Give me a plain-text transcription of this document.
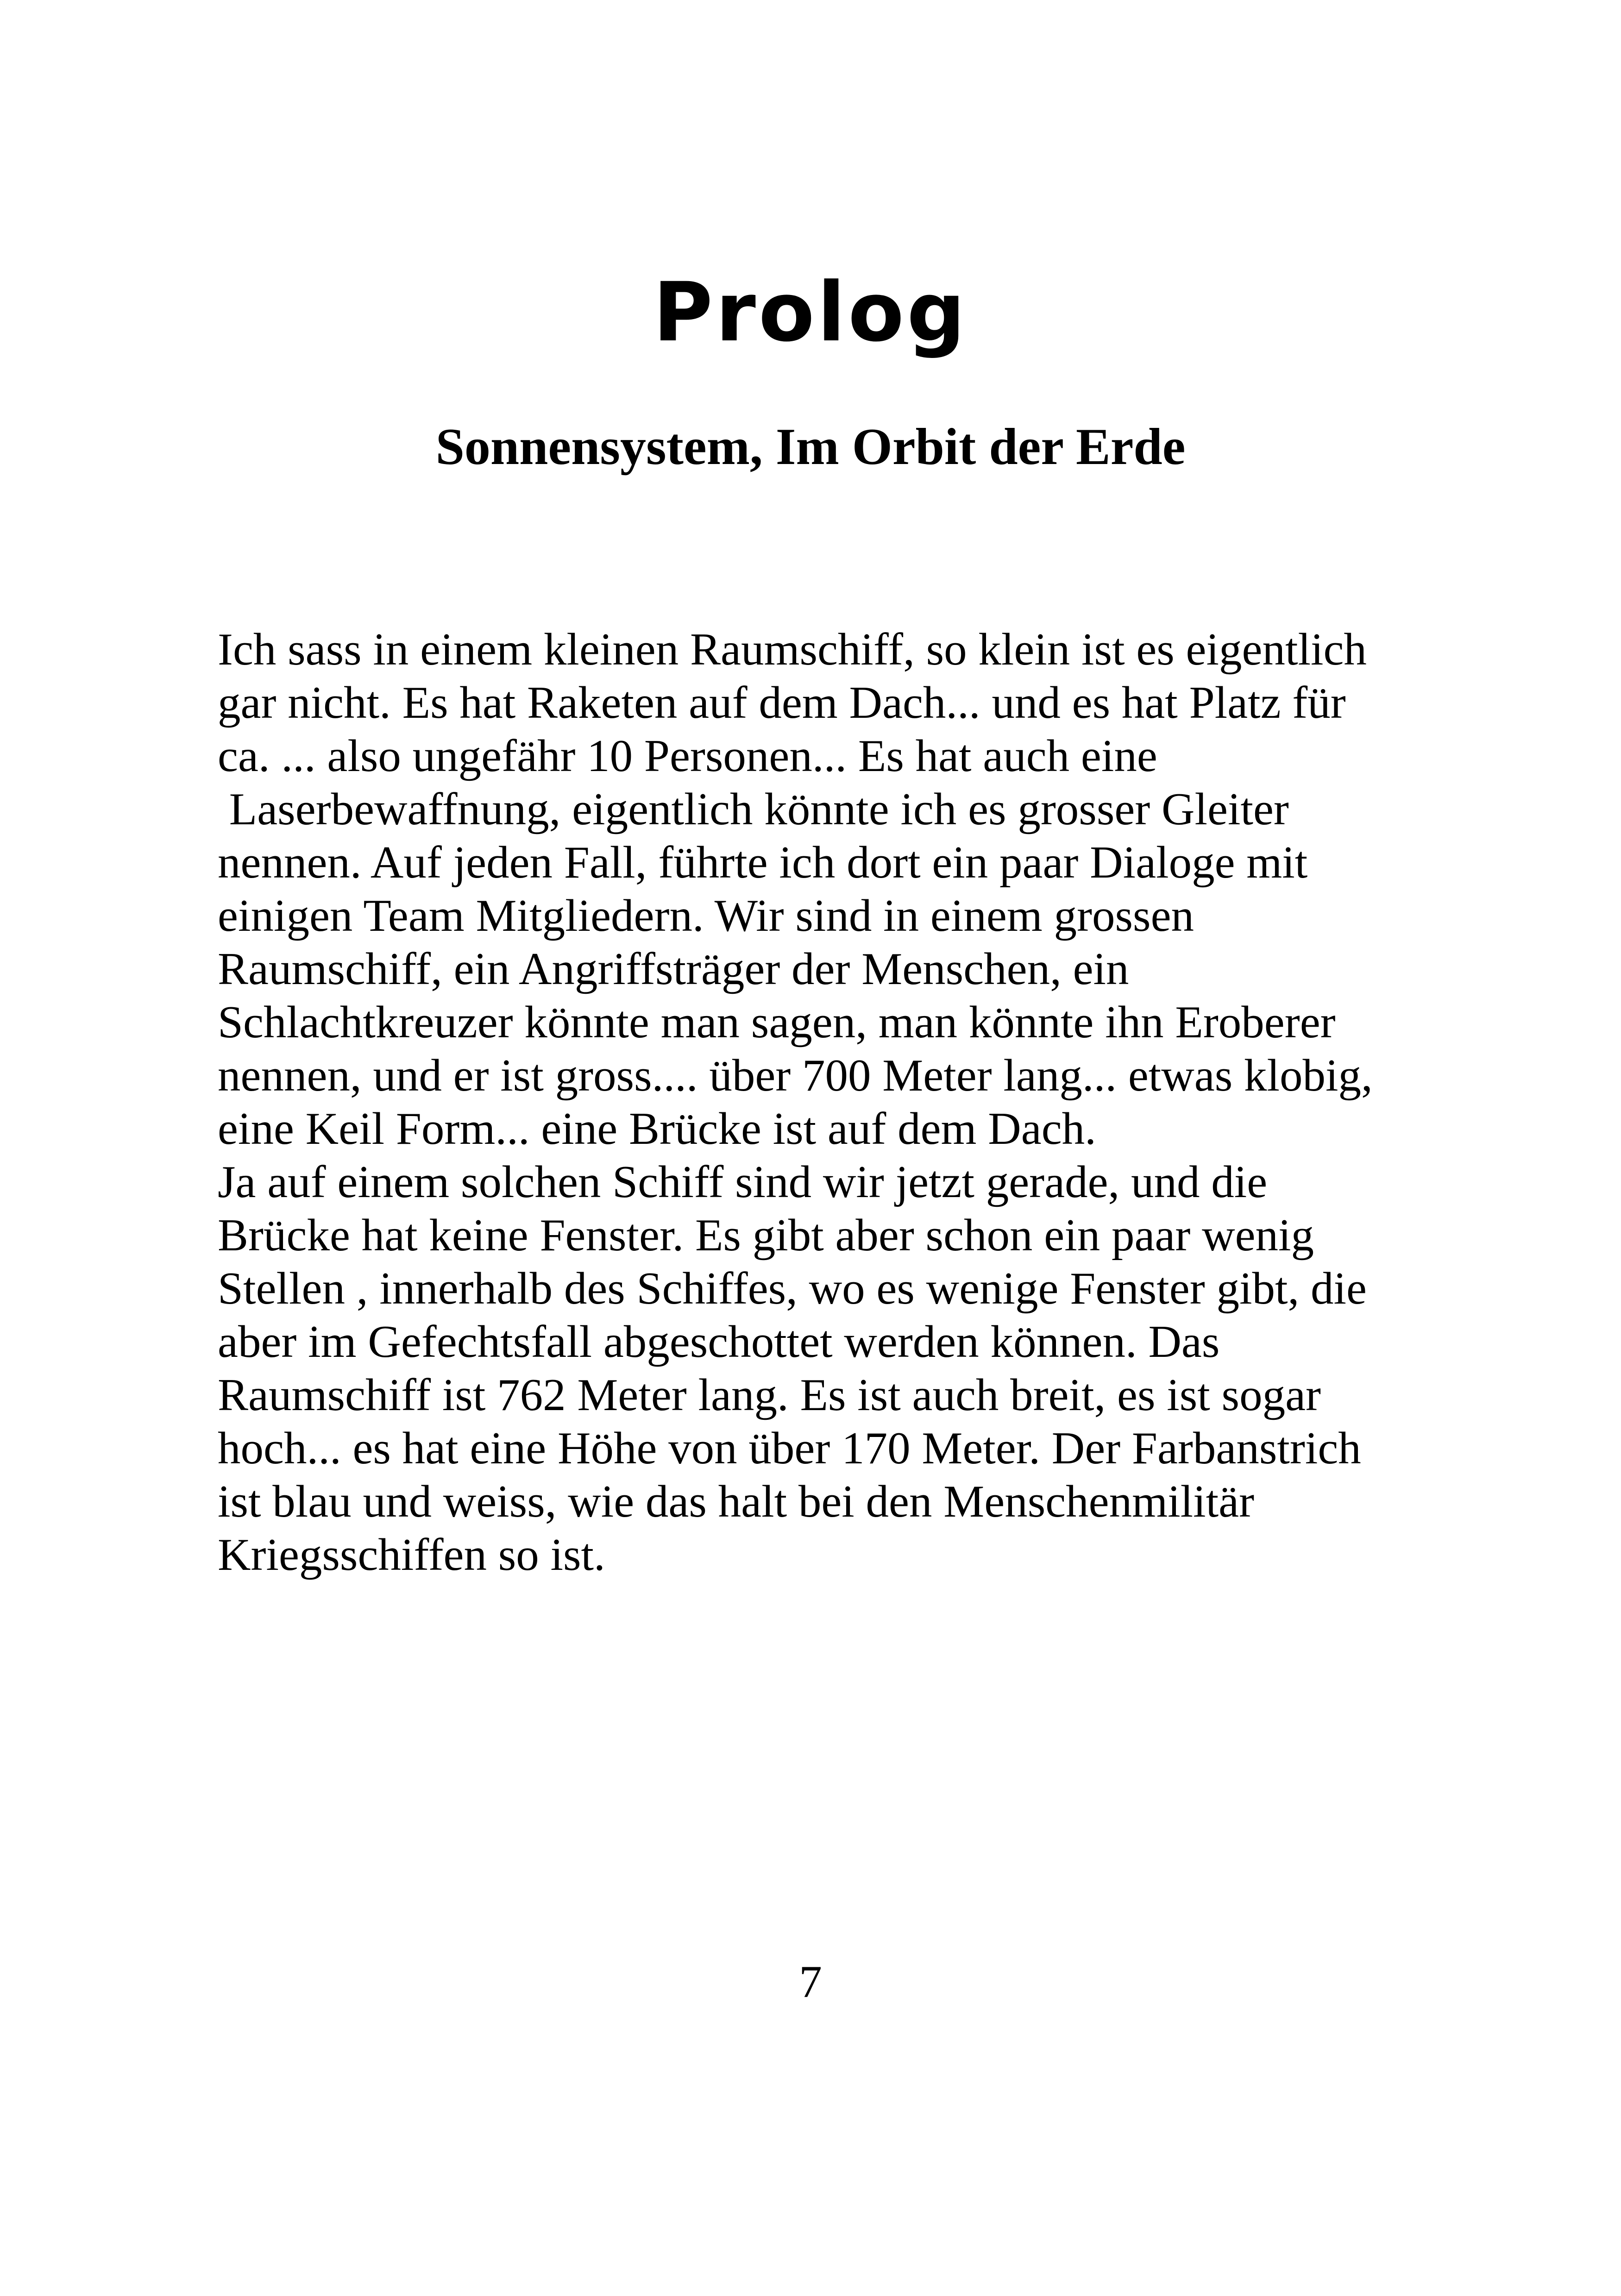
Prolog
Sonnensystem, Im Orbit der Erde

Ich sass in einem kleinen Raumschiff, so klein ist es eigentlich
gar nicht. Es hat Raketen auf dem Dach... und es hat Platz für
ca. ... also ungefähr 10 Personen... Es hat auch eine
Laserbewaffnung, eigentlich könnte ich es grosser Gleiter
nennen. Auf jeden Fall, führte ich dort ein paar Dialoge mit
einigen Team Mitgliedern. Wir sind in einem grossen
Raumschiff, ein Angriffsträger der Menschen, ein
Schlachtkreuzer könnte man sagen, man könnte ihn Eroberer
nennen, und er ist gross.... über 700 Meter lang... etwas klobig,
eine Keil Form... eine Brücke ist auf dem Dach.
Ja auf einem solchen Schiff sind wir jetzt gerade, und die
Brücke hat keine Fenster. Es gibt aber schon ein paar wenig
Stellen , innerhalb des Schiffes, wo es wenige Fenster gibt, die
aber im Gefechtsfall abgeschottet werden können. Das
Raumschiff ist 762 Meter lang. Es ist auch breit, es ist sogar
hoch... es hat eine Höhe von über 170 Meter. Der Farbanstrich
ist blau und weiss, wie das halt bei den Menschenmilitär
Kriegsschiffen so ist.

7
